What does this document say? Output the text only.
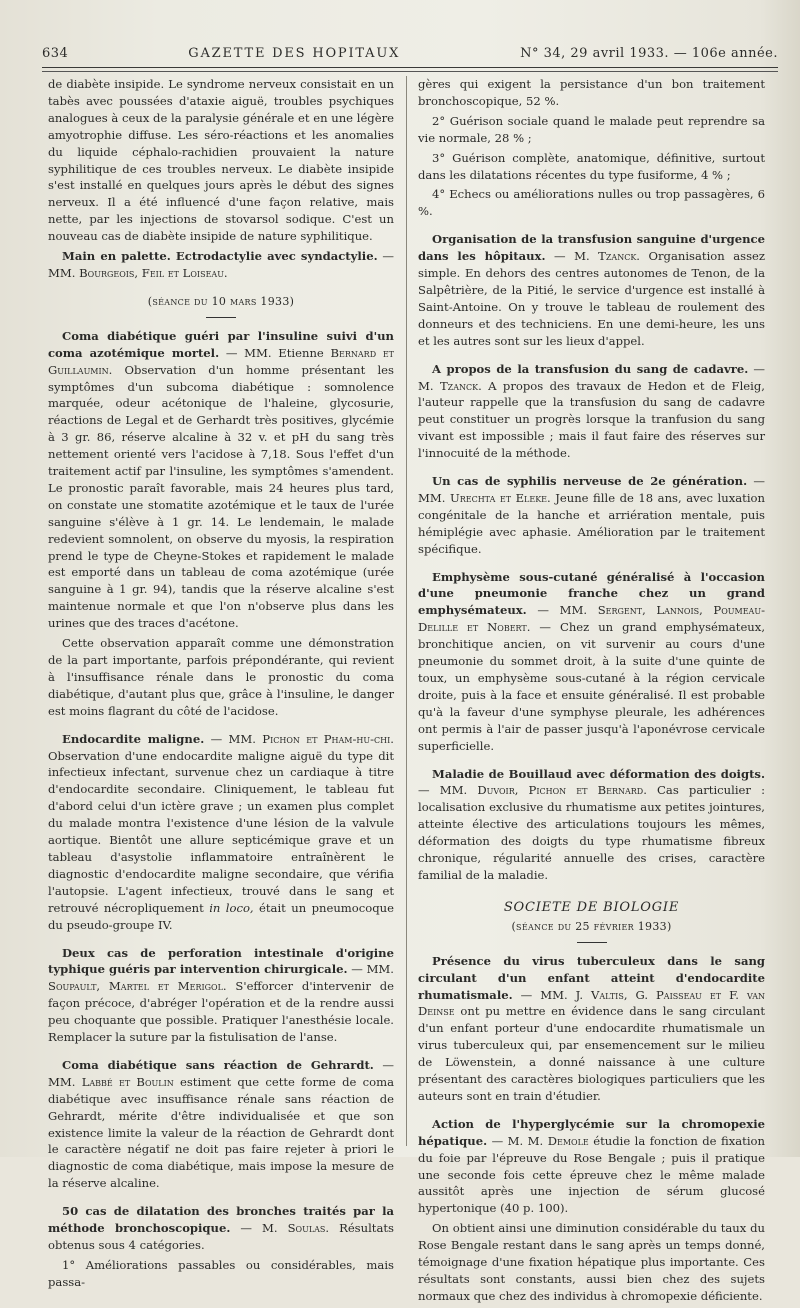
634	GAZETTE DES HOPITAUX	N° 34, 29 avril 1933. — 106e année.

de diabète insipide. Le syndrome nerveux consistait en un tabès avec poussées d'ataxie aiguë, troubles psychiques analogues à ceux de la paralysie générale et en une légère amyotrophie diffuse. Les séro-réactions et les anomalies du liquide céphalo-rachidien prouvaient la nature syphilitique de ces troubles nerveux. Le diabète insipide s'est installé en quelques jours après le début des signes nerveux. Il a été influencé d'une façon relative, mais nette, par les injections de stovarsol sodique. C'est un nouveau cas de diabète insipide de nature syphilitique.

Main en palette. Ectrodactylie avec syndactylie. — MM. Bourgeois, Feil et Loiseau.

(séance du 10 mars 1933)

Coma diabétique guéri par l'insuline suivi d'un coma azotémique mortel. — MM. Etienne Bernard et Guillaumin. Observation d'un homme présentant les symptômes d'un subcoma diabétique : somnolence marquée, odeur acétonique de l'haleine, glycosurie, réactions de Legal et de Gerhardt très positives, glycémie à 3 gr. 86, réserve alcaline à 32 v. et pH du sang très nettement orienté vers l'acidose à 7,18. Sous l'effet d'un traitement actif par l'insuline, les symptômes s'amendent. Le pronostic paraît favorable, mais 24 heures plus tard, on constate une stomatite azotémique et le taux de l'urée sanguine s'élève à 1 gr. 14. Le lendemain, le malade redevient somnolent, on observe du myosis, la respiration prend le type de Cheyne-Stokes et rapidement le malade est emporté dans un tableau de coma azotémique (urée sanguine à 1 gr. 94), tandis que la réserve alcaline s'est maintenue normale et que l'on n'observe plus dans les urines que des traces d'acétone.

Cette observation apparaît comme une démonstration de la part importante, parfois prépondérante, qui revient à l'insuffisance rénale dans le pronostic du coma diabétique, d'autant plus que, grâce à l'insuline, le danger est moins flagrant du côté de l'acidose.

Endocardite maligne. — MM. Pichon et Pham-hu-chi. Observation d'une endocardite maligne aiguë du type dit infectieux infectant, survenue chez un cardiaque à titre d'endocardite secondaire. Cliniquement, le tableau fut d'abord celui d'un ictère grave ; un examen plus complet du malade montra l'existence d'une lésion de la valvule aortique. Bientôt une allure septicémique grave et un tableau d'asystolie inflammatoire entraînèrent le diagnostic d'endocardite maligne secondaire, que vérifia l'autopsie. L'agent infectieux, trouvé dans le sang et retrouvé nécropliquement in loco, était un pneumocoque du pseudo-groupe IV.

Deux cas de perforation intestinale d'origine typhique guéris par intervention chirurgicale. — MM. Soupault, Martel et Merigol. S'efforcer d'intervenir de façon précoce, d'abréger l'opération et de la rendre aussi peu choquante que possible. Pratiquer l'anesthésie locale. Remplacer la suture par la fistulisation de l'anse.

Coma diabétique sans réaction de Gehrardt. — MM. Labbé et Boulin estiment que cette forme de coma diabétique avec insuffisance rénale sans réaction de Gehrardt, mérite d'être individualisée et que son existence limite la valeur de la réaction de Gehrardt dont le caractère négatif ne doit pas faire rejeter à priori le diagnostic de coma diabétique, mais impose la mesure de la réserve alcaline.

50 cas de dilatation des bronches traités par la méthode bronchoscopique. — M. Soulas. Résultats obtenus sous 4 catégories.

1° Améliorations passables ou considérables, mais passa-

gères qui exigent la persistance d'un bon traitement bronchoscopique, 52 %.

2° Guérison sociale quand le malade peut reprendre sa vie normale, 28 % ;

3° Guérison complète, anatomique, définitive, surtout dans les dilatations récentes du type fusiforme, 4 % ;

4° Echecs ou améliorations nulles ou trop passagères, 6 %.

Organisation de la transfusion sanguine d'urgence dans les hôpitaux. — M. Tzanck. Organisation assez simple. En dehors des centres autonomes de Tenon, de la Salpêtrière, de la Pitié, le service d'urgence est installé à Saint-Antoine. On y trouve le tableau de roulement des donneurs et des techniciens. En une demi-heure, les uns et les autres sont sur les lieux d'appel.

A propos de la transfusion du sang de cadavre. — M. Tzanck. A propos des travaux de Hedon et de Fleig, l'auteur rappelle que la transfusion du sang de cadavre peut constituer un progrès lorsque la tranfusion du sang vivant est impossible ; mais il faut faire des réserves sur l'innocuité de la méthode.

Un cas de syphilis nerveuse de 2e génération. — MM. Urechta et Eleke. Jeune fille de 18 ans, avec luxation congénitale de la hanche et arriération mentale, puis hémiplégie avec aphasie. Amélioration par le traitement spécifique.

Emphysème sous-cutané généralisé à l'occasion d'une pneumonie franche chez un grand emphysémateux. — MM. Sergent, Lannois, Poumeau-Delille et Nobert. — Chez un grand emphysémateux, bronchitique ancien, on vit survenir au cours d'une pneumonie du sommet droit, à la suite d'une quinte de toux, un emphysème sous-cutané à la région cervicale droite, puis à la face et ensuite généralisé. Il est probable qu'à la faveur d'une symphyse pleurale, les adhérences ont permis à l'air de passer jusqu'à l'aponévrose cervicale superficielle.

Maladie de Bouillaud avec déformation des doigts. — MM. Duvoir, Pichon et Bernard. Cas particulier : localisation exclusive du rhumatisme aux petites jointures, atteinte élective des articulations toujours les mêmes, déformation des doigts du type rhumatisme fibreux chronique, régularité annuelle des crises, caractère familial de la maladie.

SOCIETE DE BIOLOGIE

(séance du 25 février 1933)

Présence du virus tuberculeux dans le sang circulant d'un enfant atteint d'endocardite rhumatismale. — MM. J. Valtis, G. Paisseau et F. van Deinse ont pu mettre en évidence dans le sang circulant d'un enfant porteur d'une endocardite rhumatismale un virus tuberculeux qui, par ensemencement sur le milieu de Löwenstein, a donné naissance à une culture présentant des caractères biologiques particuliers que les auteurs sont en train d'étudier.

Action de l'hyperglycémie sur la chromopexie hépatique. — M. M. Demole étudie la fonction de fixation du foie par l'épreuve du Rose Bengale ; puis il pratique une seconde fois cette épreuve chez le même malade aussitôt après une injection de sérum glucosé hypertonique (40 p. 100).

On obtient ainsi une diminution considérable du taux du Rose Bengale restant dans le sang après un temps donné, témoignage d'une fixation hépatique plus importante. Ces résultats sont constants, aussi bien chez des sujets normaux que chez des individus à chromopexie déficiente.
